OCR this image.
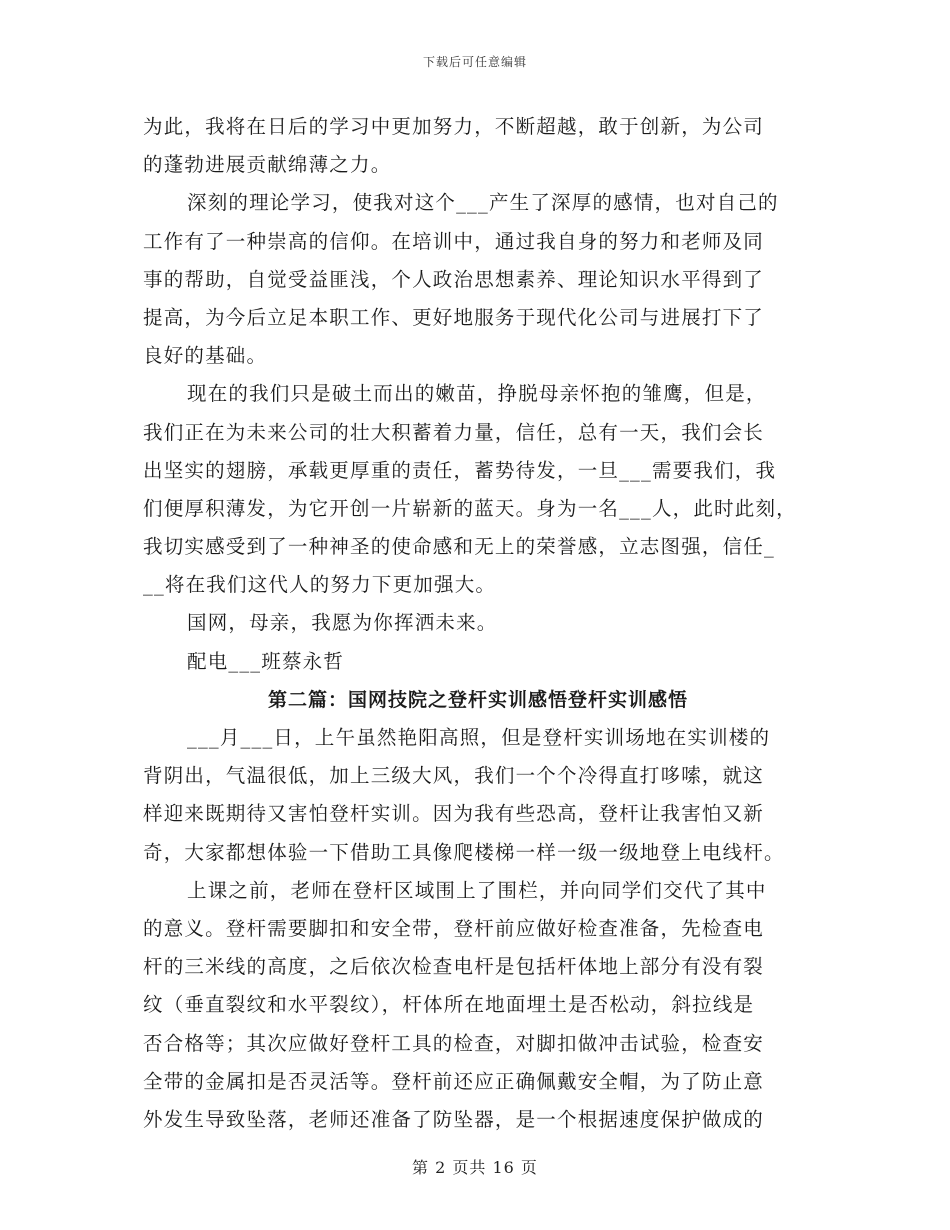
下载后可任意编辑
为此，我将在日后的学习中更加努力，不断超越，敢于创新，为公司
的蓬勃进展贡献绵薄之力。
深刻的理论学习，使我对这个___产生了深厚的感情，也对自己的
工作有了一种崇高的信仰。在培训中，通过我自身的努力和老师及同
事的帮助，自觉受益匪浅，个人政治思想素养、理论知识水平得到了
提高，为今后立足本职工作、更好地服务于现代化公司与进展打下了
良好的基础。
现在的我们只是破土而出的嫩苗，挣脱母亲怀抱的雏鹰，但是，
我们正在为未来公司的壮大积蓄着力量，信任，总有一天，我们会长
出坚实的翅膀，承载更厚重的责任，蓄势待发，一旦___需要我们，我
们便厚积薄发，为它开创一片崭新的蓝天。身为一名___人，此时此刻，
我切实感受到了一种神圣的使命感和无上的荣誉感，立志图强，信任_
__将在我们这代人的努力下更加强大。
国网，母亲，我愿为你挥洒未来。
配电___班蔡永哲
第二篇：国网技院之登杆实训感悟登杆实训感悟
___月___日，上午虽然艳阳高照，但是登杆实训场地在实训楼的
背阴出，气温很低，加上三级大风，我们一个个冷得直打哆嗦，就这
样迎来既期待又害怕登杆实训。因为我有些恐高，登杆让我害怕又新
奇，大家都想体验一下借助工具像爬楼梯一样一级一级地登上电线杆。
上课之前，老师在登杆区域围上了围栏，并向同学们交代了其中
的意义。登杆需要脚扣和安全带，登杆前应做好检查准备，先检查电
杆的三米线的高度，之后依次检查电杆是包括杆体地上部分有没有裂
纹（垂直裂纹和水平裂纹），杆体所在地面埋土是否松动，斜拉线是
否合格等；其次应做好登杆工具的检查，对脚扣做冲击试验，检查安
全带的金属扣是否灵活等。登杆前还应正确佩戴安全帽，为了防止意
外发生导致坠落，老师还准备了防坠器，是一个根据速度保护做成的
第 2 页共 16 页
